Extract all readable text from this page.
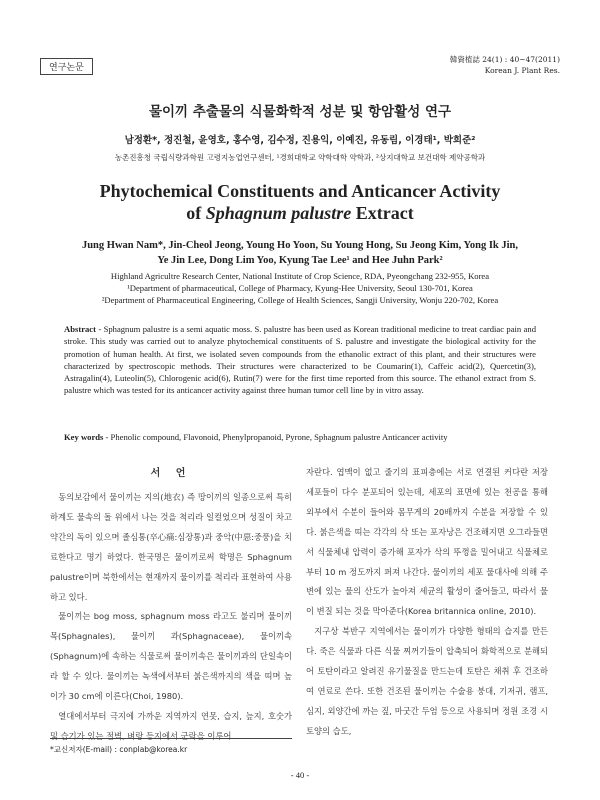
연구논문
韓資植誌 24(1) : 40~47(2011)
Korean J. Plant Res.
물이끼 추출물의 식물화학적 성분 및 항암활성 연구
남정환*, 정진철, 윤영호, 홍수영, 김수정, 진용익, 이예진, 유동림, 이경태¹, 박희준²
농촌진흥청 국립식량과학원 고령지농업연구센터, ¹경희대학교 약학대학 약학과, ²상지대학교 보건대학 제약공학과
Phytochemical Constituents and Anticancer Activity
of Sphagnum palustre Extract
Jung Hwan Nam*, Jin-Cheol Jeong, Young Ho Yoon, Su Young Hong, Su Jeong Kim, Yong Ik Jin,
Ye Jin Lee, Dong Lim Yoo, Kyung Tae Lee¹ and Hee Juhn Park²
Highland Agricultre Research Center, National Institute of Crop Science, RDA, Pyeongchang 232-955, Korea
¹Department of pharmaceutical, College of Pharmacy, Kyung-Hee University, Seoul 130-701, Korea
²Department of Pharmaceutical Engineering, College of Health Sciences, Sangji University, Wonju 220-702, Korea
Abstract - Sphagnum palustre is a semi aquatic moss. S. palustre has been used as Korean traditional medicine to treat cardiac pain and stroke. This study was carried out to analyze phytochemical constituents of S. palustre and investigate the biological activity for the promotion of human health. At first, we isolated seven compounds from the ethanolic extract of this plant, and their structures were characterized by spectroscopic methods. Their structures were characterized to be Coumarin(1), Caffeic acid(2), Quercetin(3), Astragalin(4), Luteolin(5), Chlorogenic acid(6), Rutin(7) were for the first time reported from this source. The ethanol extract from S. palustre which was tested for its anticancer activity against three human tumor cell line by in vitro assay.
Key words - Phenolic compound, Flavonoid, Phenylpropanoid, Pyrone, Sphagnum palustre Anticancer activity
서 언

동의보감에서 물이끼는 지의(地衣) 즉 땅이끼의 일종으로써 특히 하계도 물속의 돌 위에서 나는 것을 척리라 일컬었으며 성질이 차고 약간의 독이 있으며 졸심통(卒心痛:심장통)과 중악(中惡:중풍)을 치료한다고 명기 하였다. 한국명은 물이끼로써 학명은 Sphagnum palustre이며 북한에서는 현재까지 물이끼를 척리라 표현하여 사용하고 있다.

물이끼는 bog moss, sphagnum moss 라고도 불리며 물이끼목(Sphagnales), 물이끼 과(Sphagnaceae), 물이끼속(Sphagnum)에 속하는 식물로써 물이끼속은 물이끼과의 단일속이라 할 수 있다. 물이끼는 녹색에서부터 붉은색까지의 색을 띠며 높이가 30 cm에 이른다(Choi, 1980).

열대에서부터 극지에 가까운 지역까지 연못, 습지, 늪지, 호숫가 및 습기가 있는 절벽, 벼랑 등지에서 군락을 이루어

자란다. 엽맥이 없고 줄기의 표피층에는 서로 연결된 커다란 저장 세포들이 다수 분포되어 있는데, 세포의 표면에 있는 천공을 통해 외부에서 수분이 들어와 몸무게의 20배까지 수분을 저장할 수 있다. 붉은색을 띠는 각각의 삭 또는 포자낭은 건조해지면 오그라들면서 식물체내 압력이 증가해 포자가 삭의 뚜껑을 밀어내고 식물체로부터 10 m 정도까지 퍼져 나간다. 물이끼의 세포 물대사에 의해 주변에 있는 물의 산도가 높아져 세균의 활성이 줄어들고, 따라서 물이 변질 되는 것을 막아준다(Korea britannica online, 2010).

지구상 북반구 지역에서는 물이끼가 다양한 형태의 습지를 만든다. 죽은 식물과 다른 식물 찌꺼기들이 압축되어 화학적으로 분해되어 토탄이라고 알려진 유기물질을 만드는데 토탄은 채취 후 건조하여 연료로 쓴다. 또한 건조된 물이끼는 수술용 붕대, 기저귀, 램프, 심지, 외양간에 까는 짚, 마굿간 두엄 등으로 사용되며 정원 조경 시 토양의 습도,

*교신저자(E-mail) : conplab@korea.kr
- 40 -
